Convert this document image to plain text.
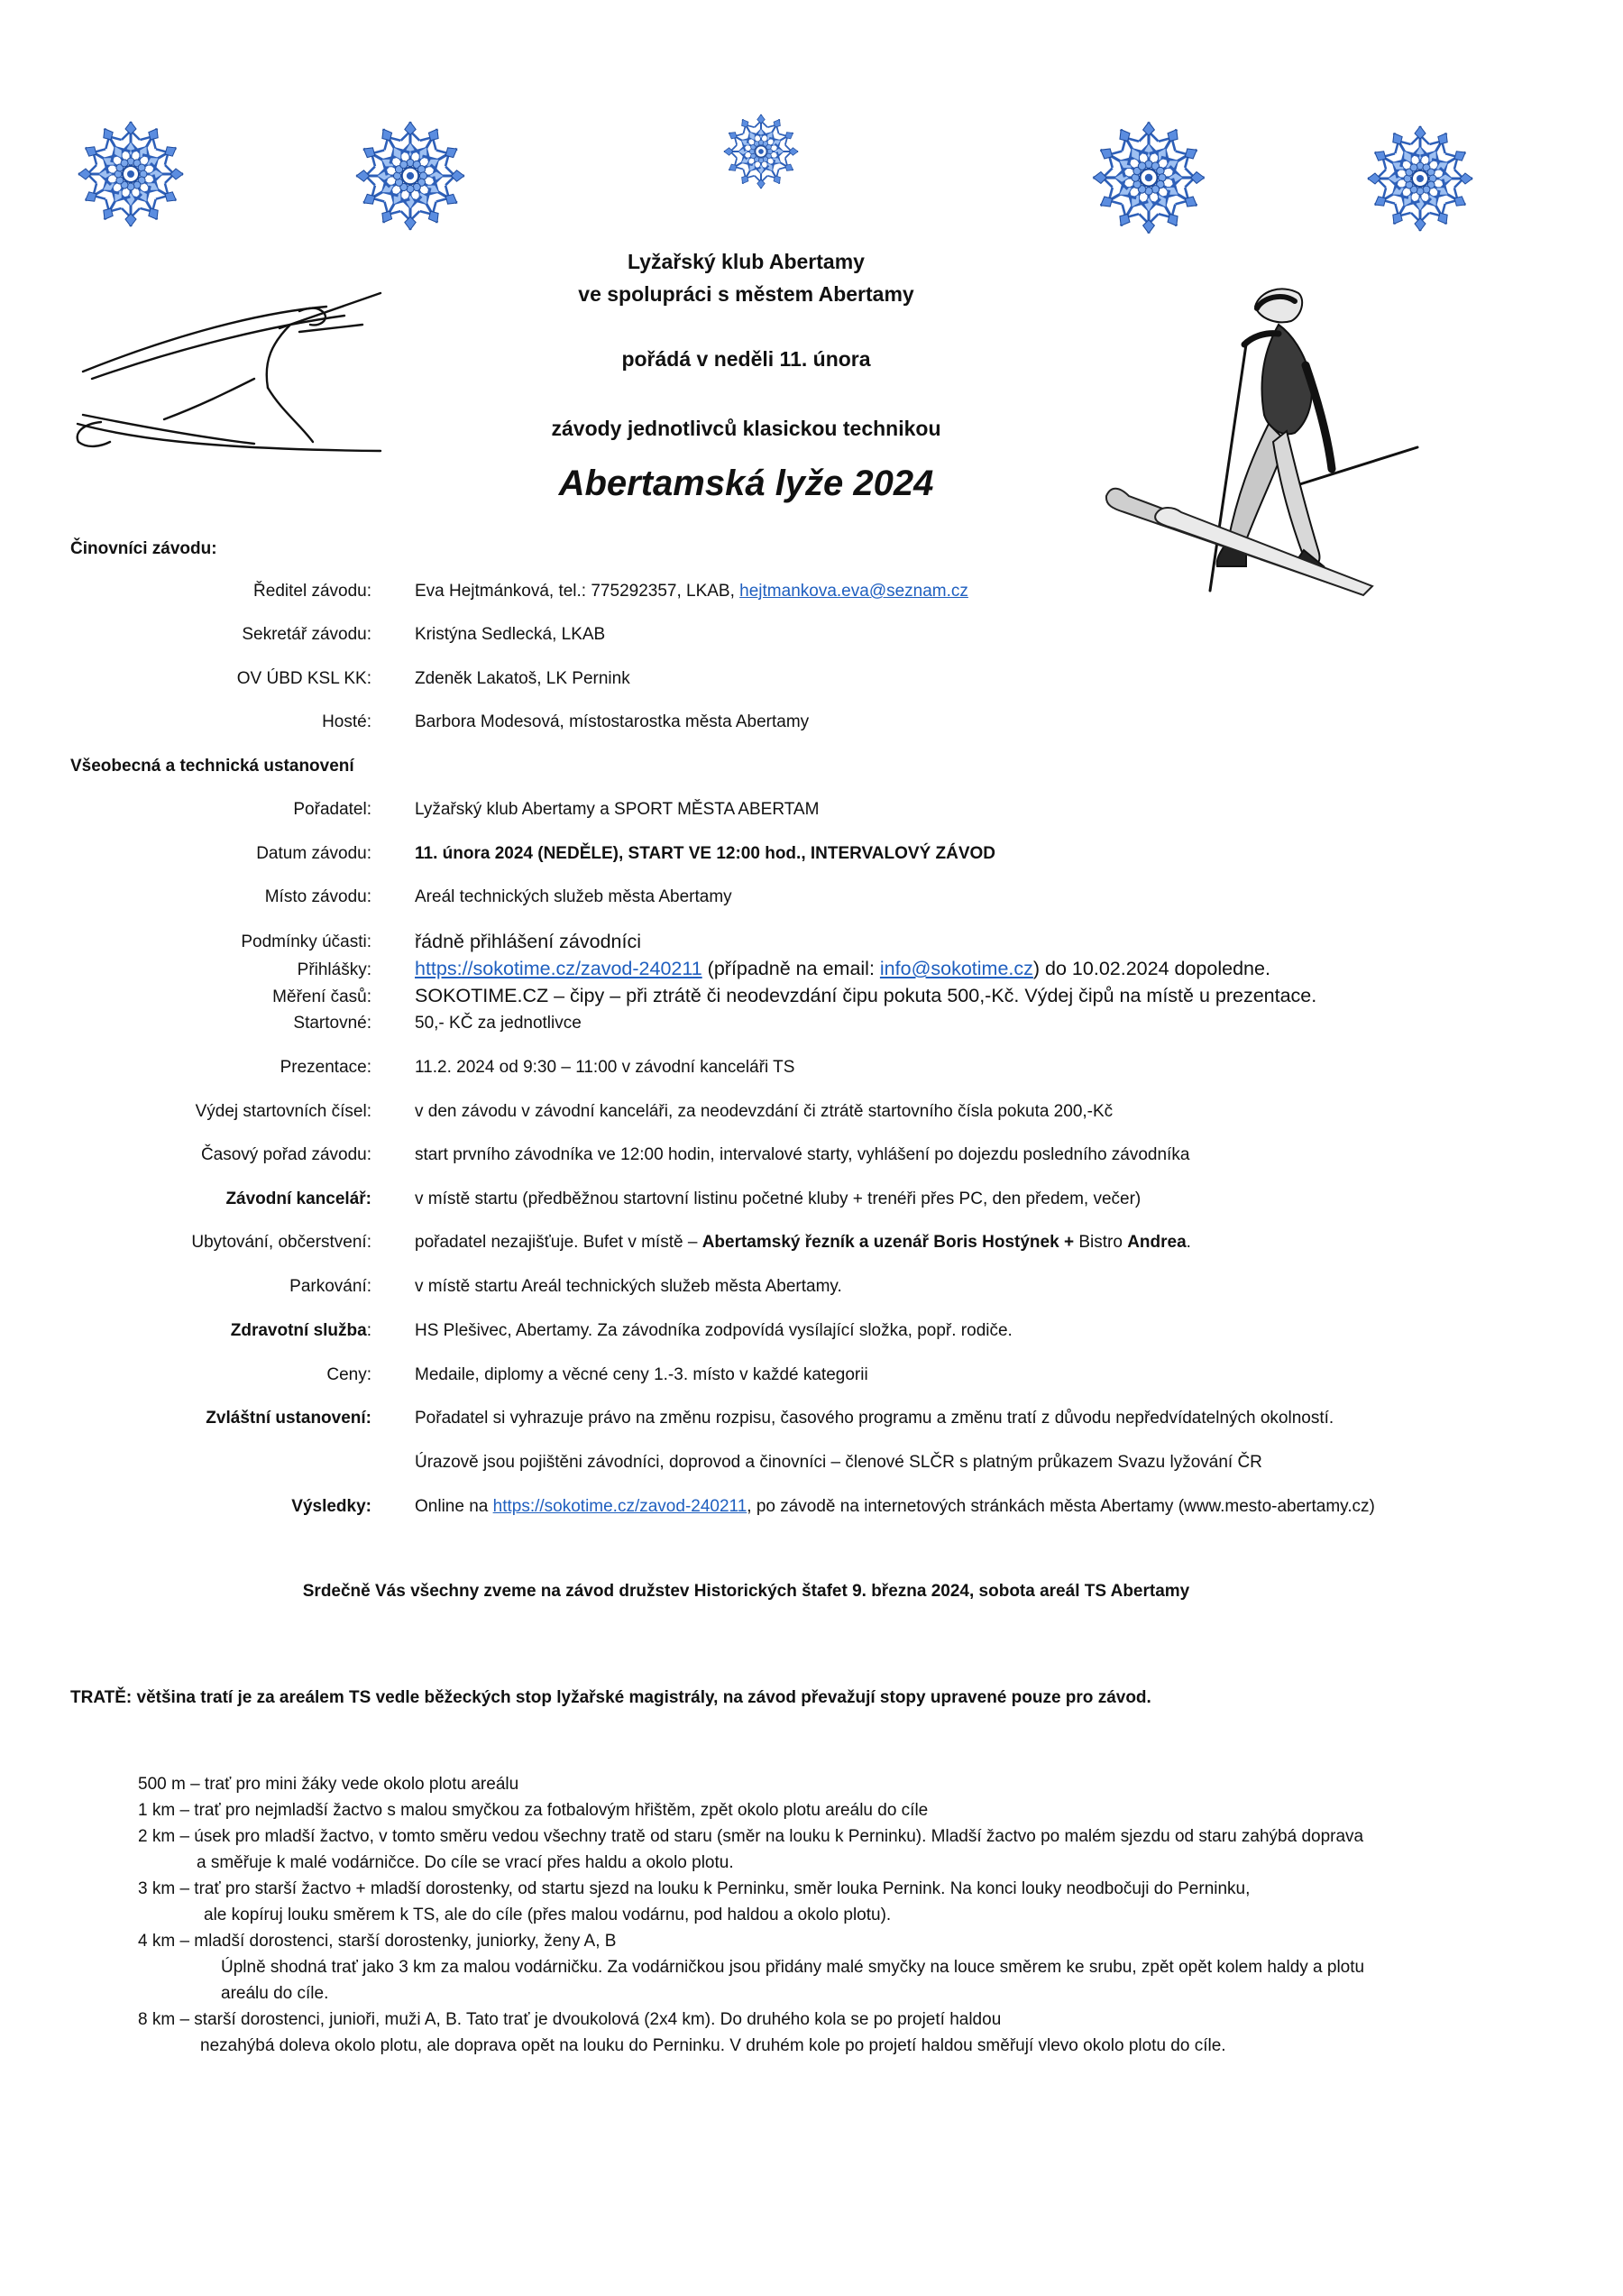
Lyžařský klub Abertamy
ve spolupráci s městem Abertamy
pořádá v neděli 11. února
závody jednotlivců klasickou technikou
Abertamská lyže 2024
Činovníci závodu:
Ředitel závodu:	Eva Hejtmánková, tel.: 775292357, LKAB, hejtmankova.eva@seznam.cz
Sekretář závodu:	Kristýna Sedlecká, LKAB
OV ÚBD KSL KK:	Zdeněk Lakatoš, LK Pernink
Hosté:	Barbora Modesová, místostarostka města Abertamy
Všeobecná a technická ustanovení
Pořadatel:	Lyžařský klub Abertamy a SPORT MĚSTA ABERTAM
Datum závodu:	11. února 2024 (NEDĚLE), START VE 12:00 hod., INTERVALOVÝ ZÁVOD
Místo závodu:	Areál technických služeb města Abertamy
Podmínky účasti: řádně přihlášení závodníci
Přihlášky: https://sokotime.cz/zavod-240211 (případně na email: info@sokotime.cz) do 10.02.2024 dopoledne.
Měření časů: SOKOTIME.CZ – čipy – při ztrátě či neodevzdání čipu pokuta 500,-Kč. Výdej čipů na místě u prezentace.
Startovné:	50,- KČ za jednotlivce
Prezentace:	11.2. 2024 od 9:30 – 11:00 v závodní kanceláři TS
Výdej startovních čísel:	v den závodu v závodní kanceláři, za neodevzdání či ztrátě startovního čísla pokuta 200,-Kč
Časový pořad závodu:	start prvního závodníka ve 12:00 hodin, intervalové starty, vyhlášení po dojezdu posledního závodníka
Závodní kancelář:	v místě startu (předběžnou startovní listinu početné kluby + trenéři přes PC, den předem, večer)
Ubytování, občerstvení:	pořadatel nezajišťuje. Bufet v místě – Abertamský řezník a uzenář Boris Hostýnek + Bistro Andrea.
Parkování:	v místě startu Areál technických služeb města Abertamy.
Zdravotní služba:	HS Plešivec, Abertamy. Za závodníka zodpovídá vysílající složka, popř. rodiče.
Ceny:	Medaile, diplomy a věcné ceny 1.-3. místo v každé kategorii
Zvláštní ustanovení:	Pořadatel si vyhrazuje právo na změnu rozpisu, časového programu a změnu tratí z důvodu nepředvídatelných okolností.
Úrazově jsou pojištěni závodníci, doprovod a činovníci – členové SLČR s platným průkazem Svazu lyžování ČR
Výsledky:	Online na https://sokotime.cz/zavod-240211, po závodě na internetových stránkách města Abertamy (www.mesto-abertamy.cz)
Srdečně Vás všechny zveme na závod družstev Historických štafet 9. března 2024, sobota areál TS Abertamy
TRATĚ: většina tratí je za areálem TS vedle běžeckých stop lyžařské magistrály, na závod převažují stopy upravené pouze pro závod.
500 m – trať pro mini žáky vede okolo plotu areálu
1 km – trať pro nejmladší žactvo s malou smyčkou za fotbalovým hřištěm, zpět okolo plotu areálu do cíle
2 km – úsek pro mladší žactvo, v tomto směru vedou všechny tratě od staru (směr na louku k Perninku). Mladší žactvo po malém sjezdu od staru zahýbá doprava
a směřuje k malé vodárničce. Do cíle se vrací přes haldu a okolo plotu.
3 km – trať pro starší žactvo + mladší dorostenky, od startu sjezd na louku k Perninku, směr louka Pernink. Na konci louky neodbočuji do Perninku,
ale kopíruj louku směrem k TS, ale do cíle (přes malou vodárnu, pod haldou a okolo plotu).
4 km – mladší dorostenci, starší dorostenky, juniorky, ženy A, B
Úplně shodná trať jako 3 km za malou vodárničku. Za vodárničkou jsou přidány malé smyčky na louce směrem ke srubu, zpět opět kolem haldy a plotu
areálu do cíle.
8 km – starší dorostenci, junioři, muži A, B. Tato trať je dvoukolová (2x4 km). Do druhého kola se po projetí haldou
nezahýbá doleva okolo plotu, ale doprava opět na louku do Perninku. V druhém kole po projetí haldou směřují vlevo okolo plotu do cíle.
